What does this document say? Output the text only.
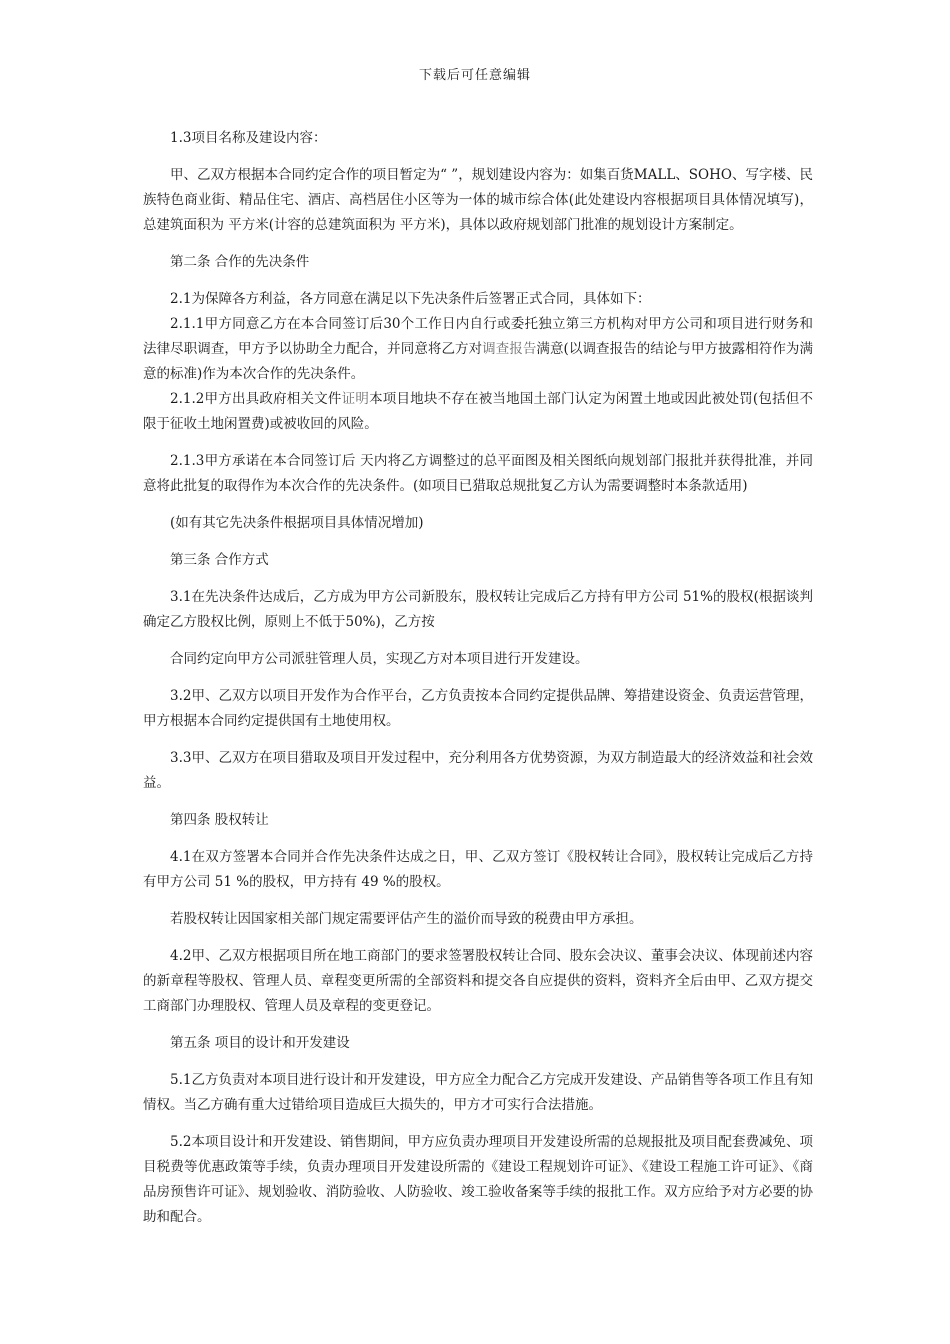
下载后可任意编辑

1.3项目名称及建设内容：

甲、乙双方根据本合同约定合作的项目暂定为“ ”，规划建设内容为：如集百货MALL、SOHO、写字楼、民族特色商业街、精品住宅、酒店、高档居住小区等为一体的城市综合体(此处建设内容根据项目具体情况填写)，总建筑面积为 平方米(计容的总建筑面积为 平方米)，具体以政府规划部门批准的规划设计方案制定。

第二条 合作的先决条件

2.1为保障各方利益，各方同意在满足以下先决条件后签署正式合同，具体如下：

2.1.1甲方同意乙方在本合同签订后30个工作日内自行或委托独立第三方机构对甲方公司和项目进行财务和法律尽职调查，甲方予以协助全力配合，并同意将乙方对调查报告满意(以调查报告的结论与甲方披露相符作为满意的标准)作为本次合作的先决条件。

2.1.2甲方出具政府相关文件证明本项目地块不存在被当地国土部门认定为闲置土地或因此被处罚(包括但不限于征收土地闲置费)或被收回的风险。

2.1.3甲方承诺在本合同签订后 天内将乙方调整过的总平面图及相关图纸向规划部门报批并获得批准，并同意将此批复的取得作为本次合作的先决条件。(如项目已猎取总规批复乙方认为需要调整时本条款适用)

(如有其它先决条件根据项目具体情况增加)

第三条 合作方式

3.1在先决条件达成后，乙方成为甲方公司新股东，股权转让完成后乙方持有甲方公司 51%的股权(根据谈判确定乙方股权比例，原则上不低于50%)，乙方按

合同约定向甲方公司派驻管理人员，实现乙方对本项目进行开发建设。

3.2甲、乙双方以项目开发作为合作平台，乙方负责按本合同约定提供品牌、筹措建设资金、负责运营管理，甲方根据本合同约定提供国有土地使用权。

3.3甲、乙双方在项目猎取及项目开发过程中，充分利用各方优势资源，为双方制造最大的经济效益和社会效益。

第四条 股权转让

4.1在双方签署本合同并合作先决条件达成之日，甲、乙双方签订《股权转让合同》，股权转让完成后乙方持有甲方公司 51 %的股权，甲方持有 49 %的股权。

若股权转让因国家相关部门规定需要评估产生的溢价而导致的税费由甲方承担。

4.2甲、乙双方根据项目所在地工商部门的要求签署股权转让合同、股东会决议、董事会决议、体现前述内容的新章程等股权、管理人员、章程变更所需的全部资料和提交各自应提供的资料，资料齐全后由甲、乙双方提交工商部门办理股权、管理人员及章程的变更登记。

第五条 项目的设计和开发建设

5.1乙方负责对本项目进行设计和开发建设，甲方应全力配合乙方完成开发建设、产品销售等各项工作且有知情权。当乙方确有重大过错给项目造成巨大损失的，甲方才可实行合法措施。

5.2本项目设计和开发建设、销售期间，甲方应负责办理项目开发建设所需的总规报批及项目配套费减免、项目税费等优惠政策等手续，负责办理项目开发建设所需的《建设工程规划许可证》、《建设工程施工许可证》、《商品房预售许可证》、规划验收、消防验收、人防验收、竣工验收备案等手续的报批工作。双方应给予对方必要的协助和配合。
